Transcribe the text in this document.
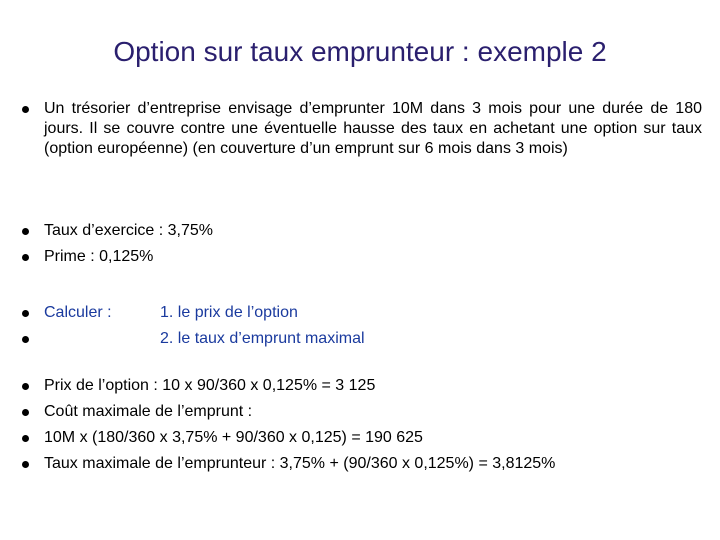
Option sur taux emprunteur : exemple 2
Un trésorier d’entreprise envisage d’emprunter 10M dans 3 mois pour une durée de 180 jours. Il se couvre contre une éventuelle hausse des taux en achetant une option sur taux (option européenne) (en couverture d’un emprunt sur 6 mois dans 3 mois)
Taux d’exercice : 3,75%
Prime : 0,125%
Calculer :	1. le prix de l’option
2. le taux d’emprunt maximal
Prix de l’option : 10 x 90/360 x 0,125% = 3 125
Coût maximale de l’emprunt :
10M x (180/360 x 3,75% + 90/360 x 0,125) = 190 625
Taux maximale de l’emprunteur : 3,75% + (90/360 x 0,125%) = 3,8125%
